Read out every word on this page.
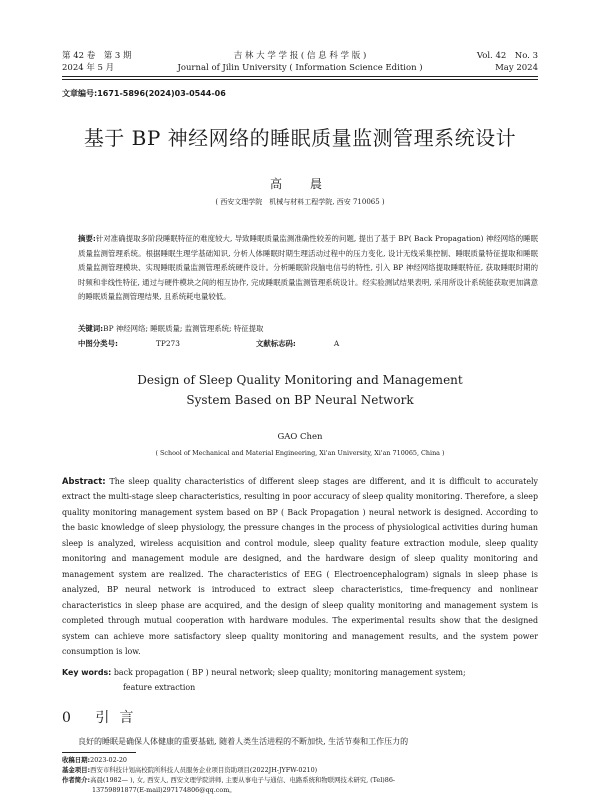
第 42 卷　第 3 期
2024 年 5 月
吉 林 大 学 学 报 ( 信 息 科 学 版 )
Journal of Jilin University ( Information Science Edition )
Vol. 42　No. 3
May 2024
文章编号:1671-5896(2024)03-0544-06
基于 BP 神经网络的睡眠质量监测管理系统设计
高　晨
( 西安文理学院　机械与材料工程学院, 西安 710065 )
摘要:针对准确提取多阶段睡眠特征的难度较大, 导致睡眠质量监测准确性较差的问题, 提出了基于 BP( Back Propagation) 神经网络的睡眠质量监测管理系统。根据睡眠生理学基础知识, 分析人体睡眠时期生理活动过程中的压力变化, 设计无线采集控制、睡眠质量特征提取和睡眠质量监测管理模块、实现睡眠质量监测管理系统硬件设计。分析睡眠阶段脑电信号的特性, 引入 BP 神经网络提取睡眠特征, 获取睡眠时期的时频和非线性特征, 通过与硬件模块之间的相互协作, 完成睡眠质量监测管理系统设计。经实验测试结果表明, 采用所设计系统能获取更加满意的睡眠质量监测管理结果, 且系统耗电量较低。
关键词:BP 神经网络; 睡眠质量; 监测管理系统; 特征提取
中图分类号:	TP273	文献标志码:	A
Design of Sleep Quality Monitoring and Management
System Based on BP Neural Network
GAO Chen
( School of Mechanical and Material Engineering, Xi'an University, Xi'an 710065, China )
Abstract: The sleep quality characteristics of different sleep stages are different, and it is difficult to accurately extract the multi-stage sleep characteristics, resulting in poor accuracy of sleep quality monitoring. Therefore, a sleep quality monitoring management system based on BP ( Back Propagation ) neural network is designed. According to the basic knowledge of sleep physiology, the pressure changes in the process of physiological activities during human sleep is analyzed, wireless acquisition and control module, sleep quality feature extraction module, sleep quality monitoring and management module are designed, and the hardware design of sleep quality monitoring and management system are realized. The characteristics of EEG ( Electroencephalogram) signals in sleep phase is analyzed, BP neural network is introduced to extract sleep characteristics, time-frequency and nonlinear characteristics in sleep phase are acquired, and the design of sleep quality monitoring and management system is completed through mutual cooperation with hardware modules. The experimental results show that the designed system can achieve more satisfactory sleep quality monitoring and management results, and the system power consumption is low.
Key words: back propagation ( BP ) neural network; sleep quality; monitoring management system;
feature extraction
0 引言
良好的睡眠是确保人体健康的重要基础, 随着人类生活进程的不断加快, 生活节奏和工作压力的
收稿日期:2023-02-20
基金项目:西安市科技计划高校院所科技人员服务企业项目资助项目(2022JH-JYFW-0210)
作者简介:高晨(1982— ), 女, 西安人, 西安文理学院讲师, 主要从事电子与通信、电路系统和物联网技术研究, (Tel)86-
13759891877(E-mail)297174806@qq.com。
